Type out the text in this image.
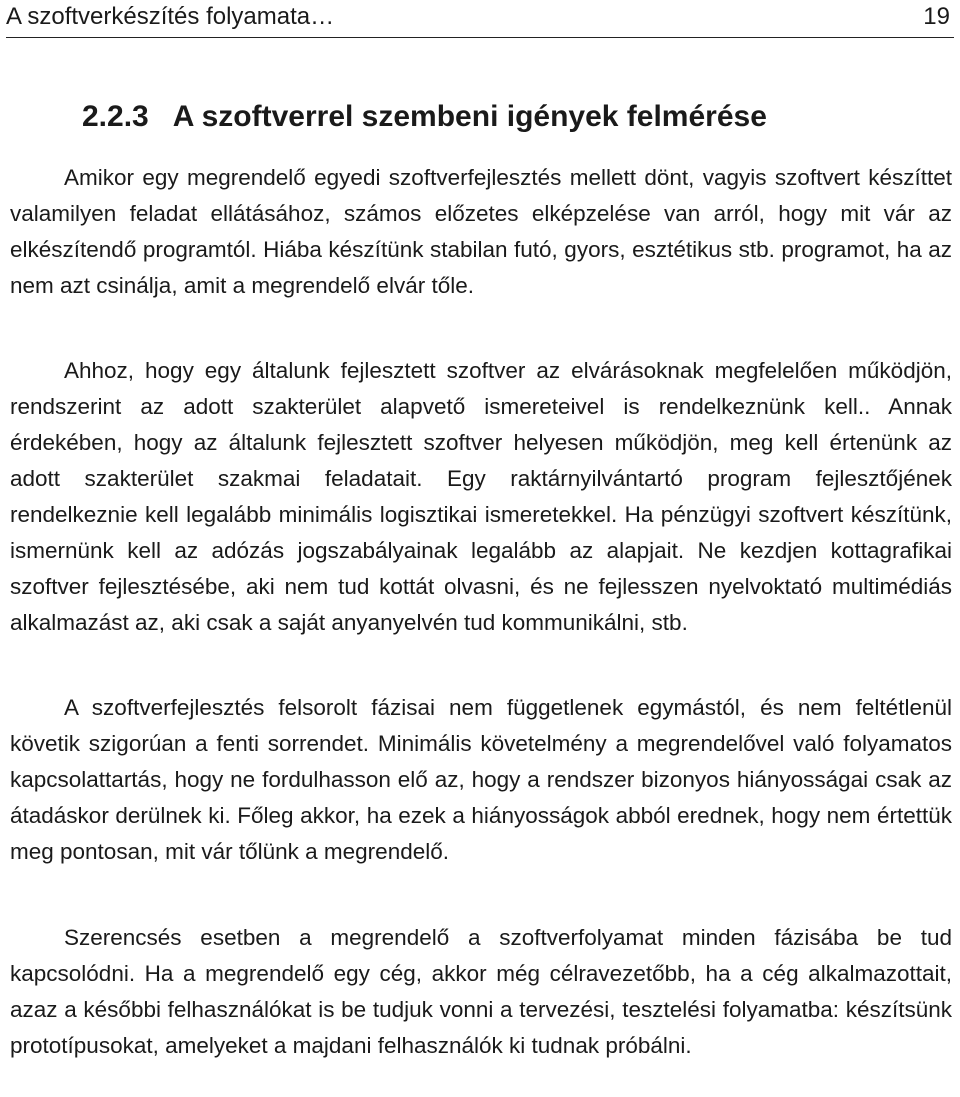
A szoftverkészítés folyamata…	19
2.2.3 A szoftverrel szembeni igények felmérése

Amikor egy megrendelő egyedi szoftverfejlesztés mellett dönt, vagyis szoftvert készíttet valamilyen feladat ellátásához, számos előzetes elképzelése van arról, hogy mit vár az elkészítendő programtól. Hiába készítünk stabilan futó, gyors, esztétikus stb. programot, ha az nem azt csinálja, amit a megrendelő elvár tőle.

Ahhoz, hogy egy általunk fejlesztett szoftver az elvárásoknak megfelelően működjön, rendszerint az adott szakterület alapvető ismereteivel is rendelkeznünk kell.. Annak érdekében, hogy az általunk fejlesztett szoftver helyesen működjön, meg kell értenünk az adott szakterület szakmai feladatait. Egy raktárnyilvántartó program fejlesztőjének rendelkeznie kell legalább minimális logisztikai ismeretekkel. Ha pénzügyi szoftvert készítünk, ismernünk kell az adózás jogszabályainak legalább az alapjait. Ne kezdjen kottagrafikai szoftver fejlesztésébe, aki nem tud kottát olvasni, és ne fejlesszen nyelvoktató multimédiás alkalmazást az, aki csak a saját anyanyelvén tud kommunikálni, stb.

A szoftverfejlesztés felsorolt fázisai nem függetlenek egymástól, és nem feltétlenül követik szigorúan a fenti sorrendet. Minimális követelmény a megrendelővel való folyamatos kapcsolattartás, hogy ne fordulhasson elő az, hogy a rendszer bizonyos hiányosságai csak az átadáskor derülnek ki. Főleg akkor, ha ezek a hiányosságok abból erednek, hogy nem értettük meg pontosan, mit vár tőlünk a megrendelő.

Szerencsés esetben a megrendelő a szoftverfolyamat minden fázisába be tud kapcsolódni. Ha a megrendelő egy cég, akkor még célravezetőbb, ha a cég alkalmazottait, azaz a későbbi felhasználókat is be tudjuk vonni a tervezési, tesztelési folyamatba: készítsünk prototípusokat, amelyeket a majdani felhasználók ki tudnak próbálni.
